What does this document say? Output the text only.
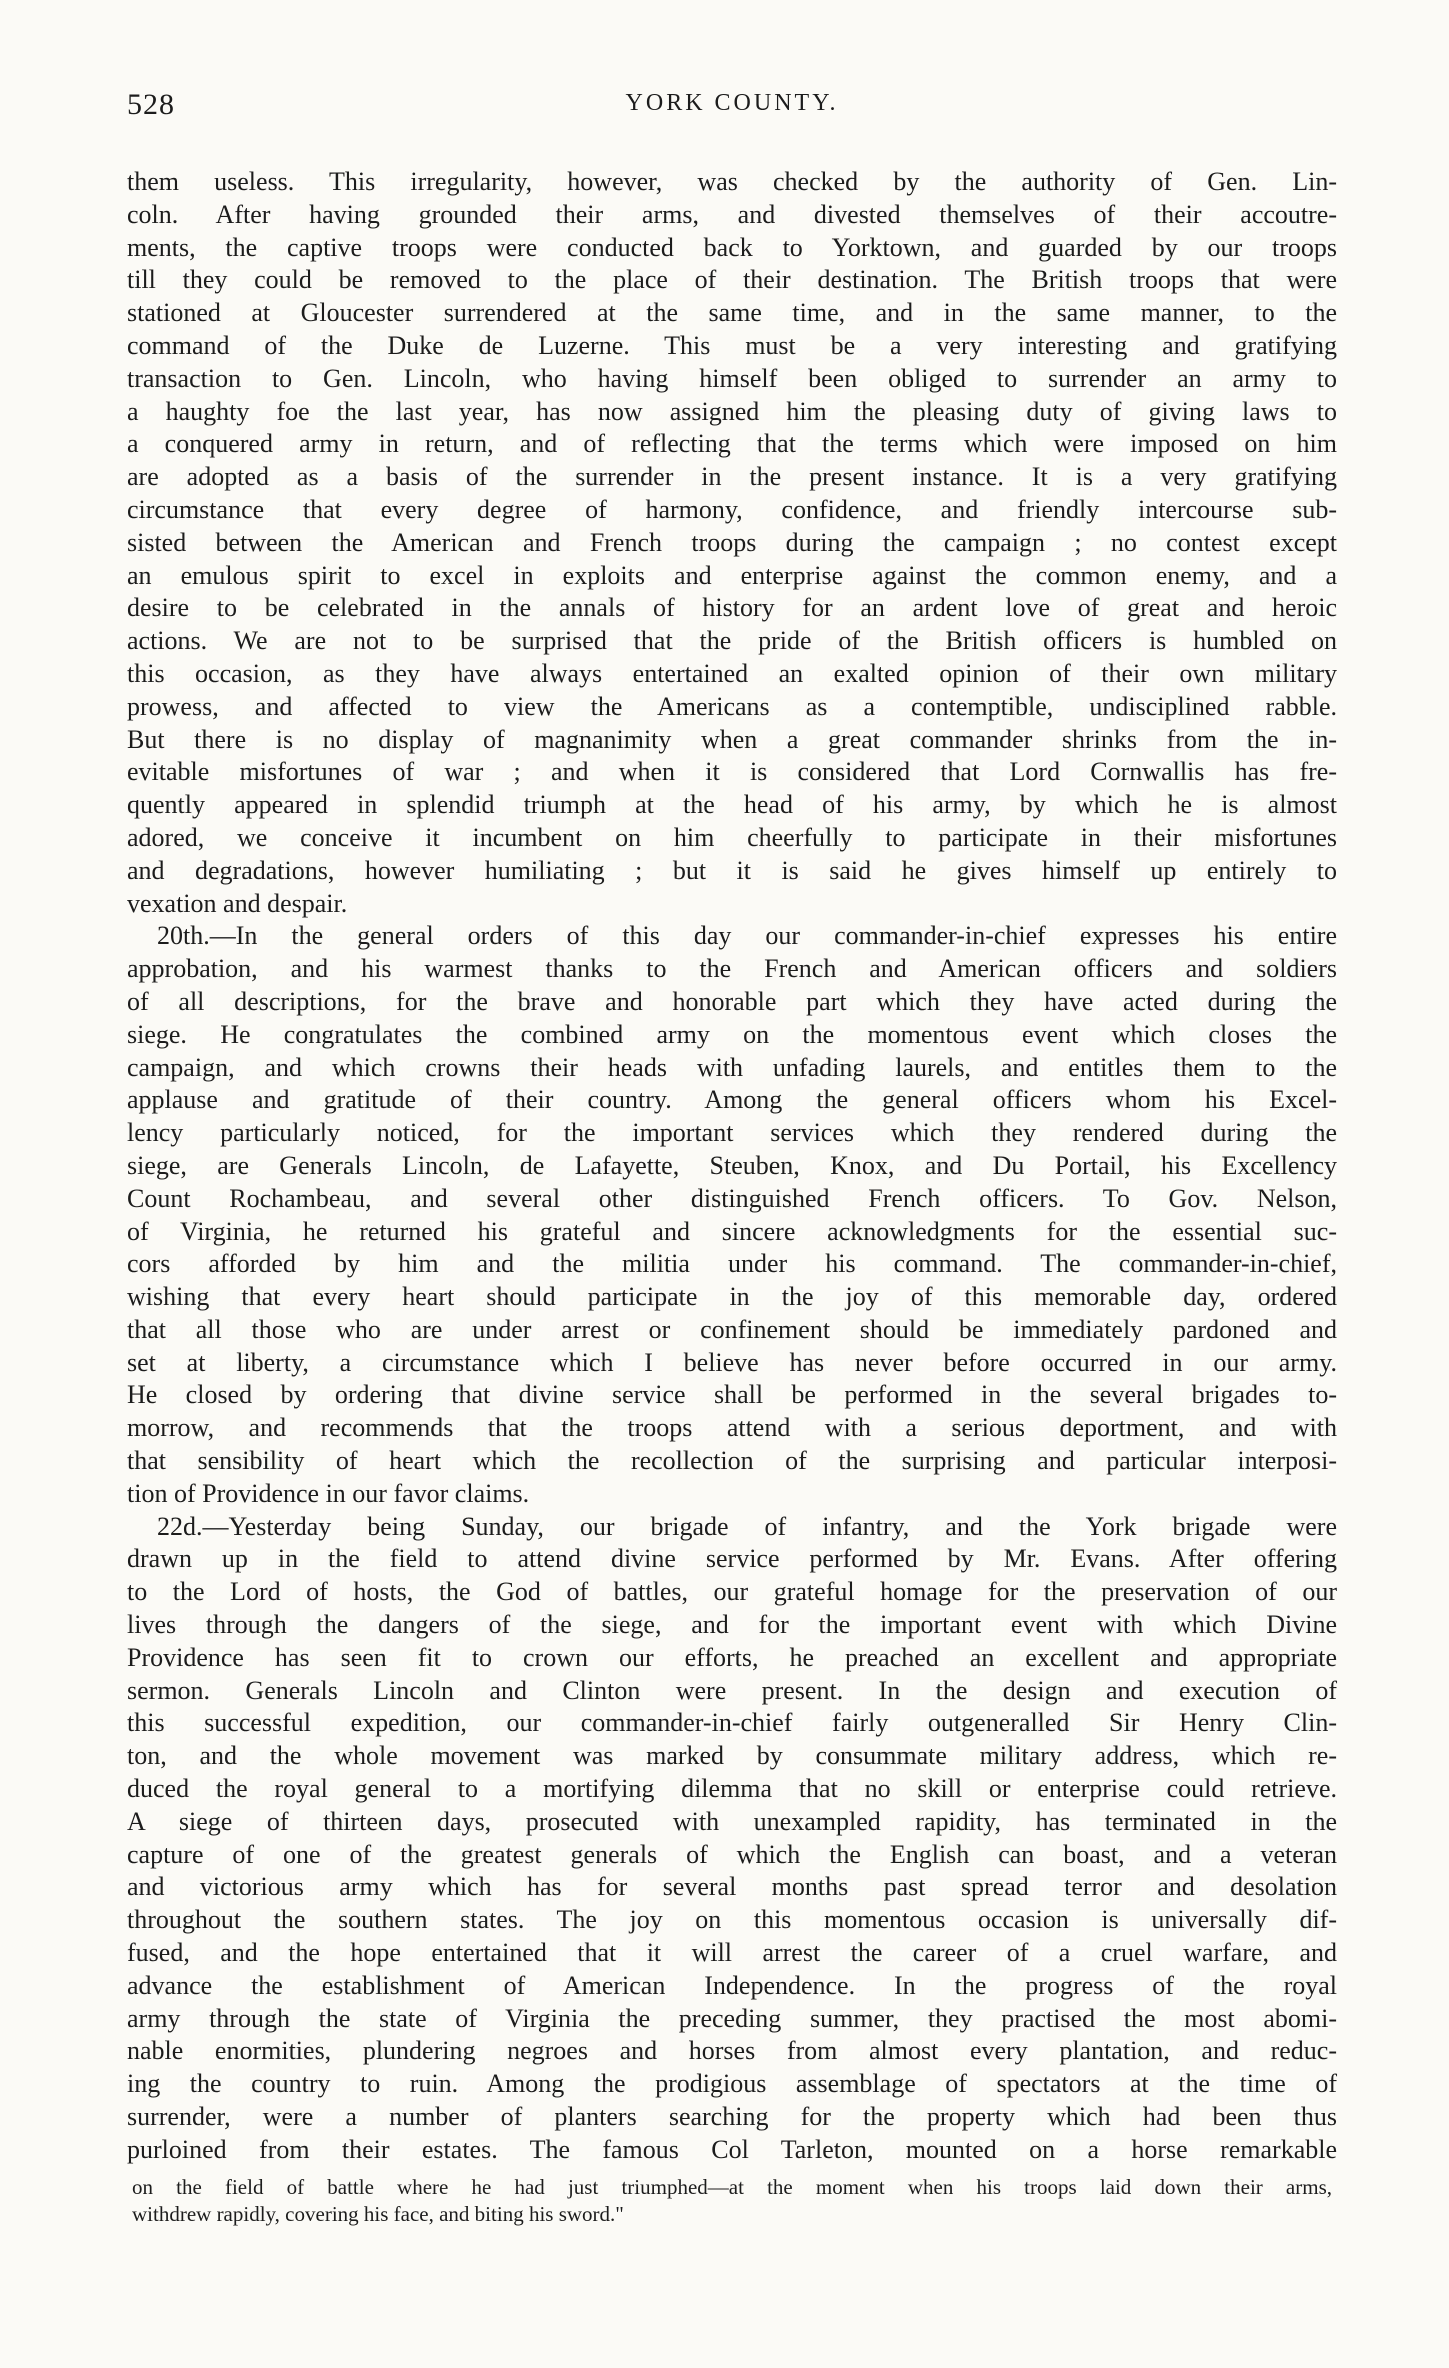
528	YORK COUNTY.
them useless. This irregularity, however, was checked by the authority of Gen. Lin-
coln. After having grounded their arms, and divested themselves of their accoutre-
ments, the captive troops were conducted back to Yorktown, and guarded by our troops
till they could be removed to the place of their destination. The British troops that were
stationed at Gloucester surrendered at the same time, and in the same manner, to the
command of the Duke de Luzerne. This must be a very interesting and gratifying
transaction to Gen. Lincoln, who having himself been obliged to surrender an army to
a haughty foe the last year, has now assigned him the pleasing duty of giving laws to
a conquered army in return, and of reflecting that the terms which were imposed on him
are adopted as a basis of the surrender in the present instance. It is a very gratifying
circumstance that every degree of harmony, confidence, and friendly intercourse sub-
sisted between the American and French troops during the campaign ; no contest except
an emulous spirit to excel in exploits and enterprise against the common enemy, and a
desire to be celebrated in the annals of history for an ardent love of great and heroic
actions. We are not to be surprised that the pride of the British officers is humbled on
this occasion, as they have always entertained an exalted opinion of their own military
prowess, and affected to view the Americans as a contemptible, undisciplined rabble.
But there is no display of magnanimity when a great commander shrinks from the in-
evitable misfortunes of war ; and when it is considered that Lord Cornwallis has fre-
quently appeared in splendid triumph at the head of his army, by which he is almost
adored, we conceive it incumbent on him cheerfully to participate in their misfortunes
and degradations, however humiliating ; but it is said he gives himself up entirely to
vexation and despair.
20th.—In the general orders of this day our commander-in-chief expresses his entire
approbation, and his warmest thanks to the French and American officers and soldiers
of all descriptions, for the brave and honorable part which they have acted during the
siege. He congratulates the combined army on the momentous event which closes the
campaign, and which crowns their heads with unfading laurels, and entitles them to the
applause and gratitude of their country. Among the general officers whom his Excel-
lency particularly noticed, for the important services which they rendered during the
siege, are Generals Lincoln, de Lafayette, Steuben, Knox, and Du Portail, his Excellency
Count Rochambeau, and several other distinguished French officers. To Gov. Nelson,
of Virginia, he returned his grateful and sincere acknowledgments for the essential suc-
cors afforded by him and the militia under his command. The commander-in-chief,
wishing that every heart should participate in the joy of this memorable day, ordered
that all those who are under arrest or confinement should be immediately pardoned and
set at liberty, a circumstance which I believe has never before occurred in our army.
He closed by ordering that divine service shall be performed in the several brigades to-
morrow, and recommends that the troops attend with a serious deportment, and with
that sensibility of heart which the recollection of the surprising and particular interposi-
tion of Providence in our favor claims.
22d.—Yesterday being Sunday, our brigade of infantry, and the York brigade were
drawn up in the field to attend divine service performed by Mr. Evans. After offering
to the Lord of hosts, the God of battles, our grateful homage for the preservation of our
lives through the dangers of the siege, and for the important event with which Divine
Providence has seen fit to crown our efforts, he preached an excellent and appropriate
sermon. Generals Lincoln and Clinton were present. In the design and execution of
this successful expedition, our commander-in-chief fairly outgeneralled Sir Henry Clin-
ton, and the whole movement was marked by consummate military address, which re-
duced the royal general to a mortifying dilemma that no skill or enterprise could retrieve.
A siege of thirteen days, prosecuted with unexampled rapidity, has terminated in the
capture of one of the greatest generals of which the English can boast, and a veteran
and victorious army which has for several months past spread terror and desolation
throughout the southern states. The joy on this momentous occasion is universally dif-
fused, and the hope entertained that it will arrest the career of a cruel warfare, and
advance the establishment of American Independence. In the progress of the royal
army through the state of Virginia the preceding summer, they practised the most abomi-
nable enormities, plundering negroes and horses from almost every plantation, and reduc-
ing the country to ruin. Among the prodigious assemblage of spectators at the time of
surrender, were a number of planters searching for the property which had been thus
purloined from their estates. The famous Col Tarleton, mounted on a horse remarkable
on the field of battle where he had just triumphed—at the moment when his troops laid down their arms,
withdrew rapidly, covering his face, and biting his sword."
